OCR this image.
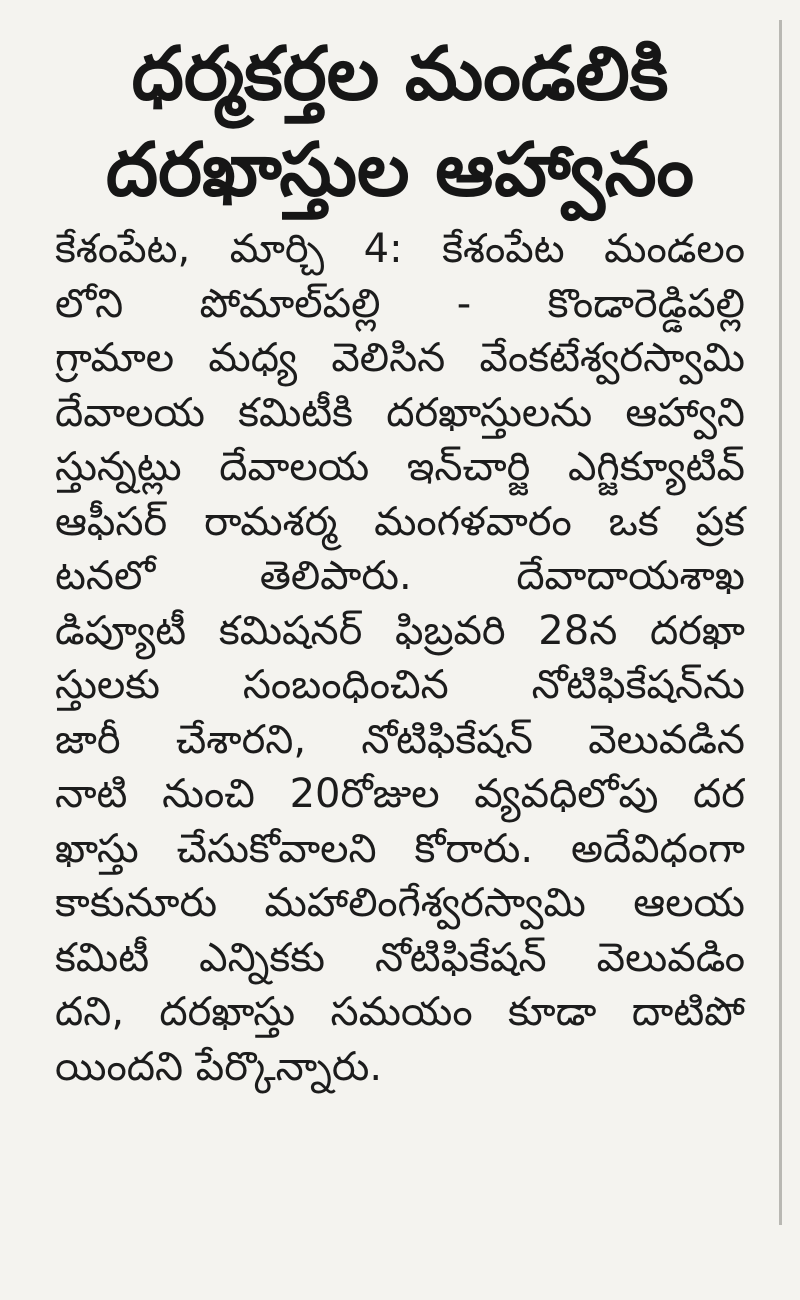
ధర్మకర్తల మండలికి
దరఖాస్తుల ఆహ్వానం
కేశంపేట, మార్చి 4: కేశంపేట మండలం
లోని పోమాల్‌పల్లి - కొండారెడ్డిపల్లి
గ్రామాల మధ్య వెలిసిన వేంకటేశ్వరస్వామి
దేవాలయ కమిటీకి దరఖాస్తులను ఆహ్వాని
స్తున్నట్లు దేవాలయ ఇన్‌చార్జి ఎగ్జిక్యూటివ్
ఆఫీసర్ రామశర్మ మంగళవారం ఒక ప్రక
టనలో తెలిపారు. దేవాదాయశాఖ
డిప్యూటీ కమిషనర్ ఫిబ్రవరి 28న దరఖా
స్తులకు సంబంధించిన నోటిఫికేషన్‌ను
జారీ చేశారని, నోటిఫికేషన్ వెలువడిన
నాటి నుంచి 20రోజుల వ్యవధిలోపు దర
ఖాస్తు చేసుకోవాలని కోరారు. అదేవిధంగా
కాకునూరు మహాలింగేశ్వరస్వామి ఆలయ
కమిటీ ఎన్నికకు నోటిఫికేషన్ వెలువడిం
దని, దరఖాస్తు సమయం కూడా దాటిపో
యిందని పేర్కొన్నారు.
